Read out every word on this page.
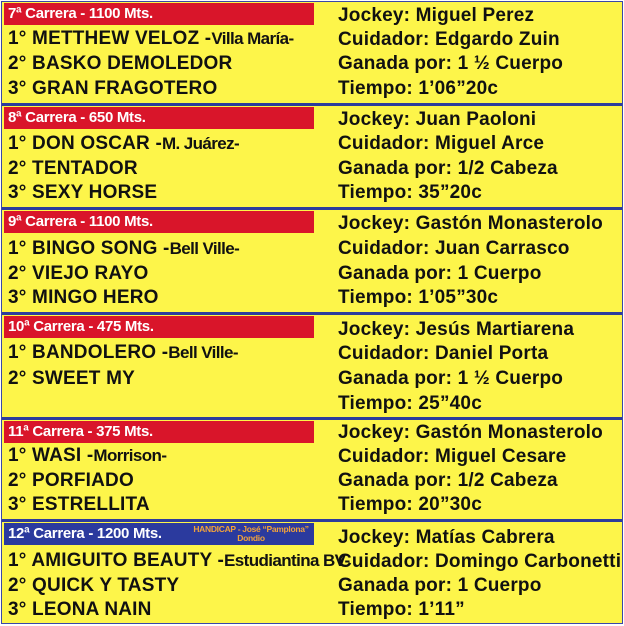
7ª Carrera - 1100 Mts.
1° METTHEW VELOZ -Villa María-
2° BASKO DEMOLEDOR
3° GRAN FRAGOTERO
Jockey: Miguel Perez
Cuidador: Edgardo Zuin
Ganada por: 1 ½ Cuerpo
Tiempo: 1’06”20c
8ª Carrera - 650 Mts.
1° DON OSCAR -M. Juárez-
2° TENTADOR
3° SEXY HORSE
Jockey: Juan Paoloni
Cuidador: Miguel Arce
Ganada por: 1/2 Cabeza
Tiempo: 35”20c
9ª Carrera - 1100 Mts.
1° BINGO SONG -Bell Ville-
2° VIEJO RAYO
3° MINGO HERO
Jockey: Gastón Monasterolo
Cuidador: Juan Carrasco
Ganada por: 1 Cuerpo
Tiempo: 1’05”30c
10ª Carrera - 475 Mts.
1° BANDOLERO -Bell Ville-
2° SWEET MY
Jockey: Jesús Martiarena
Cuidador: Daniel Porta
Ganada por: 1 ½ Cuerpo
Tiempo: 25”40c
11ª Carrera - 375 Mts.
1° WASI -Morrison-
2° PORFIADO
3° ESTRELLITA
Jockey: Gastón Monasterolo
Cuidador: Miguel Cesare
Ganada por: 1/2 Cabeza
Tiempo: 20”30c
12ª Carrera - 1200 Mts.	HANDICAP - José “Pamplona” Dondio
1° AMIGUITO BEAUTY -Estudiantina BV-
2° QUICK Y TASTY
3° LEONA NAIN
Jockey: Matías Cabrera
Cuidador: Domingo Carbonetti
Ganada por: 1 Cuerpo
Tiempo: 1’11”
